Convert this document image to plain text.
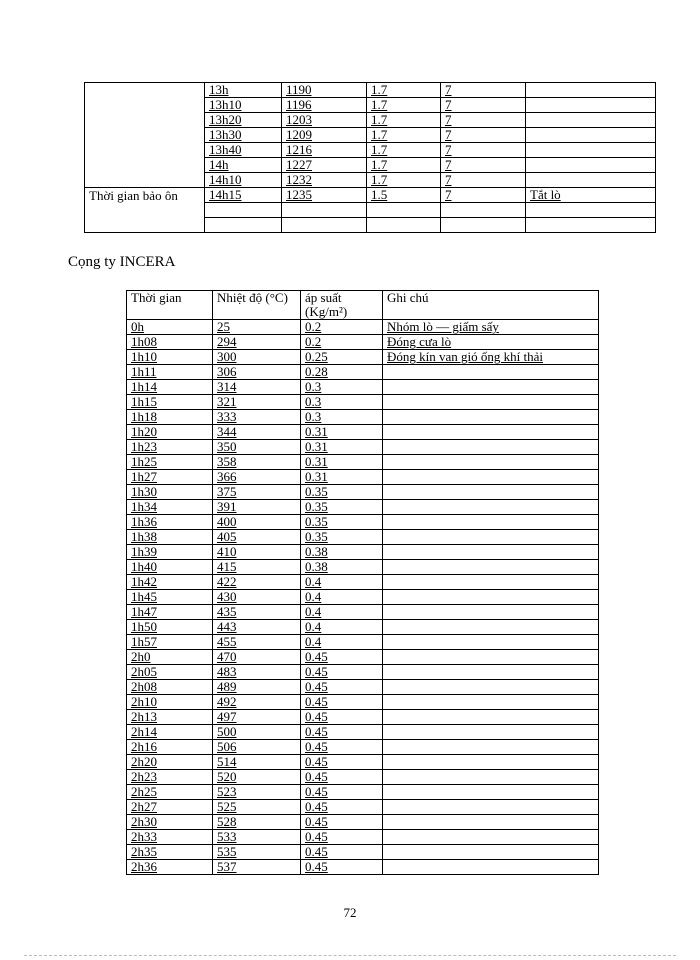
	13h	1190	1.7	7	
	13h10	1196	1.7	7	
	13h20	1203	1.7	7	
	13h30	1209	1.7	7	
	13h40	1216	1.7	7	
	14h	1227	1.7	7	
	14h10	1232	1.7	7	
Thời gian bảo ôn	14h15	1235	1.5	7	Tắt lò

Cọng ty INCERA
Thời gian	Nhiệt độ (°C)	áp suất (Kg/m²)	Ghi chú
0h	25	0.2	Nhóm lò — giấm sấy
1h08	294	0.2	Đóng cưa lò
1h10	300	0.25	Đóng kín van gió ống khí thải
1h11	306	0.28	
1h14	314	0.3	
1h15	321	0.3	
1h18	333	0.3	
1h20	344	0.31	
1h23	350	0.31	
1h25	358	0.31	
1h27	366	0.31	
1h30	375	0.35	
1h34	391	0.35	
1h36	400	0.35	
1h38	405	0.35	
1h39	410	0.38	
1h40	415	0.38	
1h42	422	0.4	
1h45	430	0.4	
1h47	435	0.4	
1h50	443	0.4	
1h57	455	0.4	
2h0	470	0.45	
2h05	483	0.45	
2h08	489	0.45	
2h10	492	0.45	
2h13	497	0.45	
2h14	500	0.45	
2h16	506	0.45	
2h20	514	0.45	
2h23	520	0.45	
2h25	523	0.45	
2h27	525	0.45	
2h30	528	0.45	
2h33	533	0.45	
2h35	535	0.45	
2h36	537	0.45	
72
